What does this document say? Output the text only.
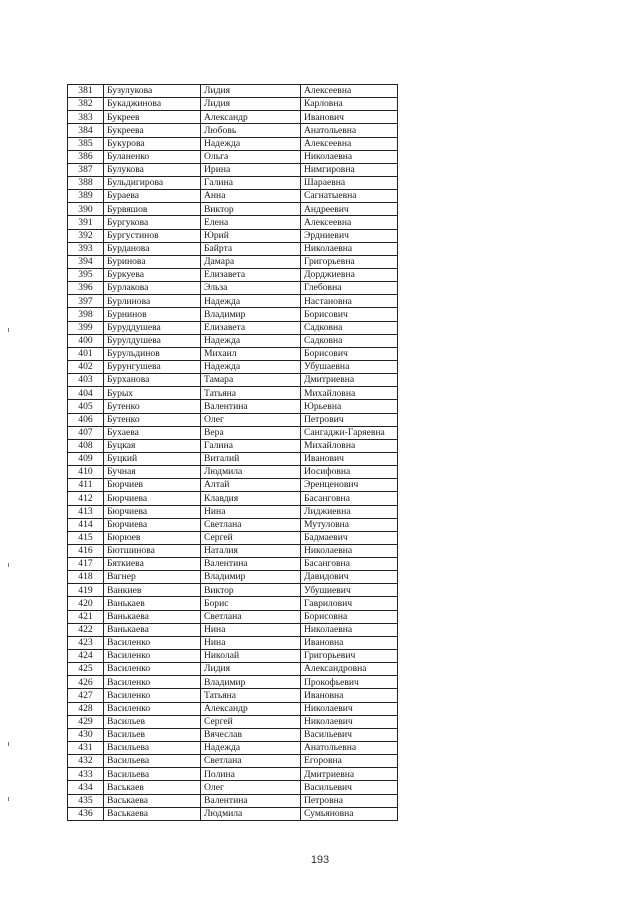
381	Бузулукова	Лидия	Алексеевна
382	Букаджинова	Лидия	Карловна
383	Букреев	Александр	Иванович
384	Букреева	Любовь	Анатольевна
385	Букурова	Надежда	Алексеевна
386	Буланенко	Ольга	Николаевна
387	Булукова	Ирина	Нимгировна
388	Бульдигирова	Галина	Шараевна
389	Бураева	Анна	Сагнатыевна
390	Бурвяшов	Виктор	Андреевич
391	Бургукова	Елена	Алексеевна
392	Бургустинов	Юрий	Эрдниевич
393	Бурданова	Байрта	Николаевна
394	Буринова	Дамара	Григорьевна
395	Буркуева	Елизавета	Дорджиевна
396	Бурлакова	Эльза	Глебовна
397	Бурлинова	Надежда	Настановна
398	Бурнинов	Владимир	Борисович
399	Буруддушева	Елизавета	Садковна
400	Бурулдушева	Надежда	Садковна
401	Бурульдинов	Михаил	Борисович
402	Бурунгушева	Надежда	Убушаевна
403	Бурханова	Тамара	Дмитриевна
404	Бурых	Татьяна	Михайловна
405	Бутенко	Валентина	Юрьевна
406	Бутенко	Олег	Петрович
407	Бухаева	Вера	Сангаджи-Гаряевна
408	Буцкая	Галина	Михайловна
409	Буцкий	Виталий	Иванович
410	Бучная	Людмила	Иосифовна
411	Бюрчиев	Алтай	Эренценович
412	Бюрчиева	Клавдия	Басанговна
413	Бюрчиева	Нина	Лиджиевна
414	Бюрчиева	Светлана	Мутуловна
415	Бюрюев	Сергей	Бадмаевич
416	Бютшинова	Наталия	Николаевна
417	Бяткиева	Валентина	Басанговна
418	Вагнер	Владимир	Давидович
419	Ванкиев	Виктор	Убушиевич
420	Ванькаев	Борис	Гаврилович
421	Ванькаева	Светлана	Борисовна
422	Ванькаева	Нина	Николаевна
423	Василенко	Нина	Ивановна
424	Василенко	Николай	Григорьевич
425	Василенко	Лидия	Александровна
426	Василенко	Владимир	Прокофьевич
427	Василенко	Татьяна	Ивановна
428	Василенко	Александр	Николаевич
429	Васильев	Сергей	Николаевич
430	Васильев	Вячеслав	Васильевич
431	Васильева	Надежда	Анатольевна
432	Васильева	Светлана	Егоровна
433	Васильева	Полина	Дмитриевна
434	Васькаев	Олег	Васильевич
435	Васькаева	Валентина	Петровна
436	Васькаева	Людмила	Сумьяновна
193
